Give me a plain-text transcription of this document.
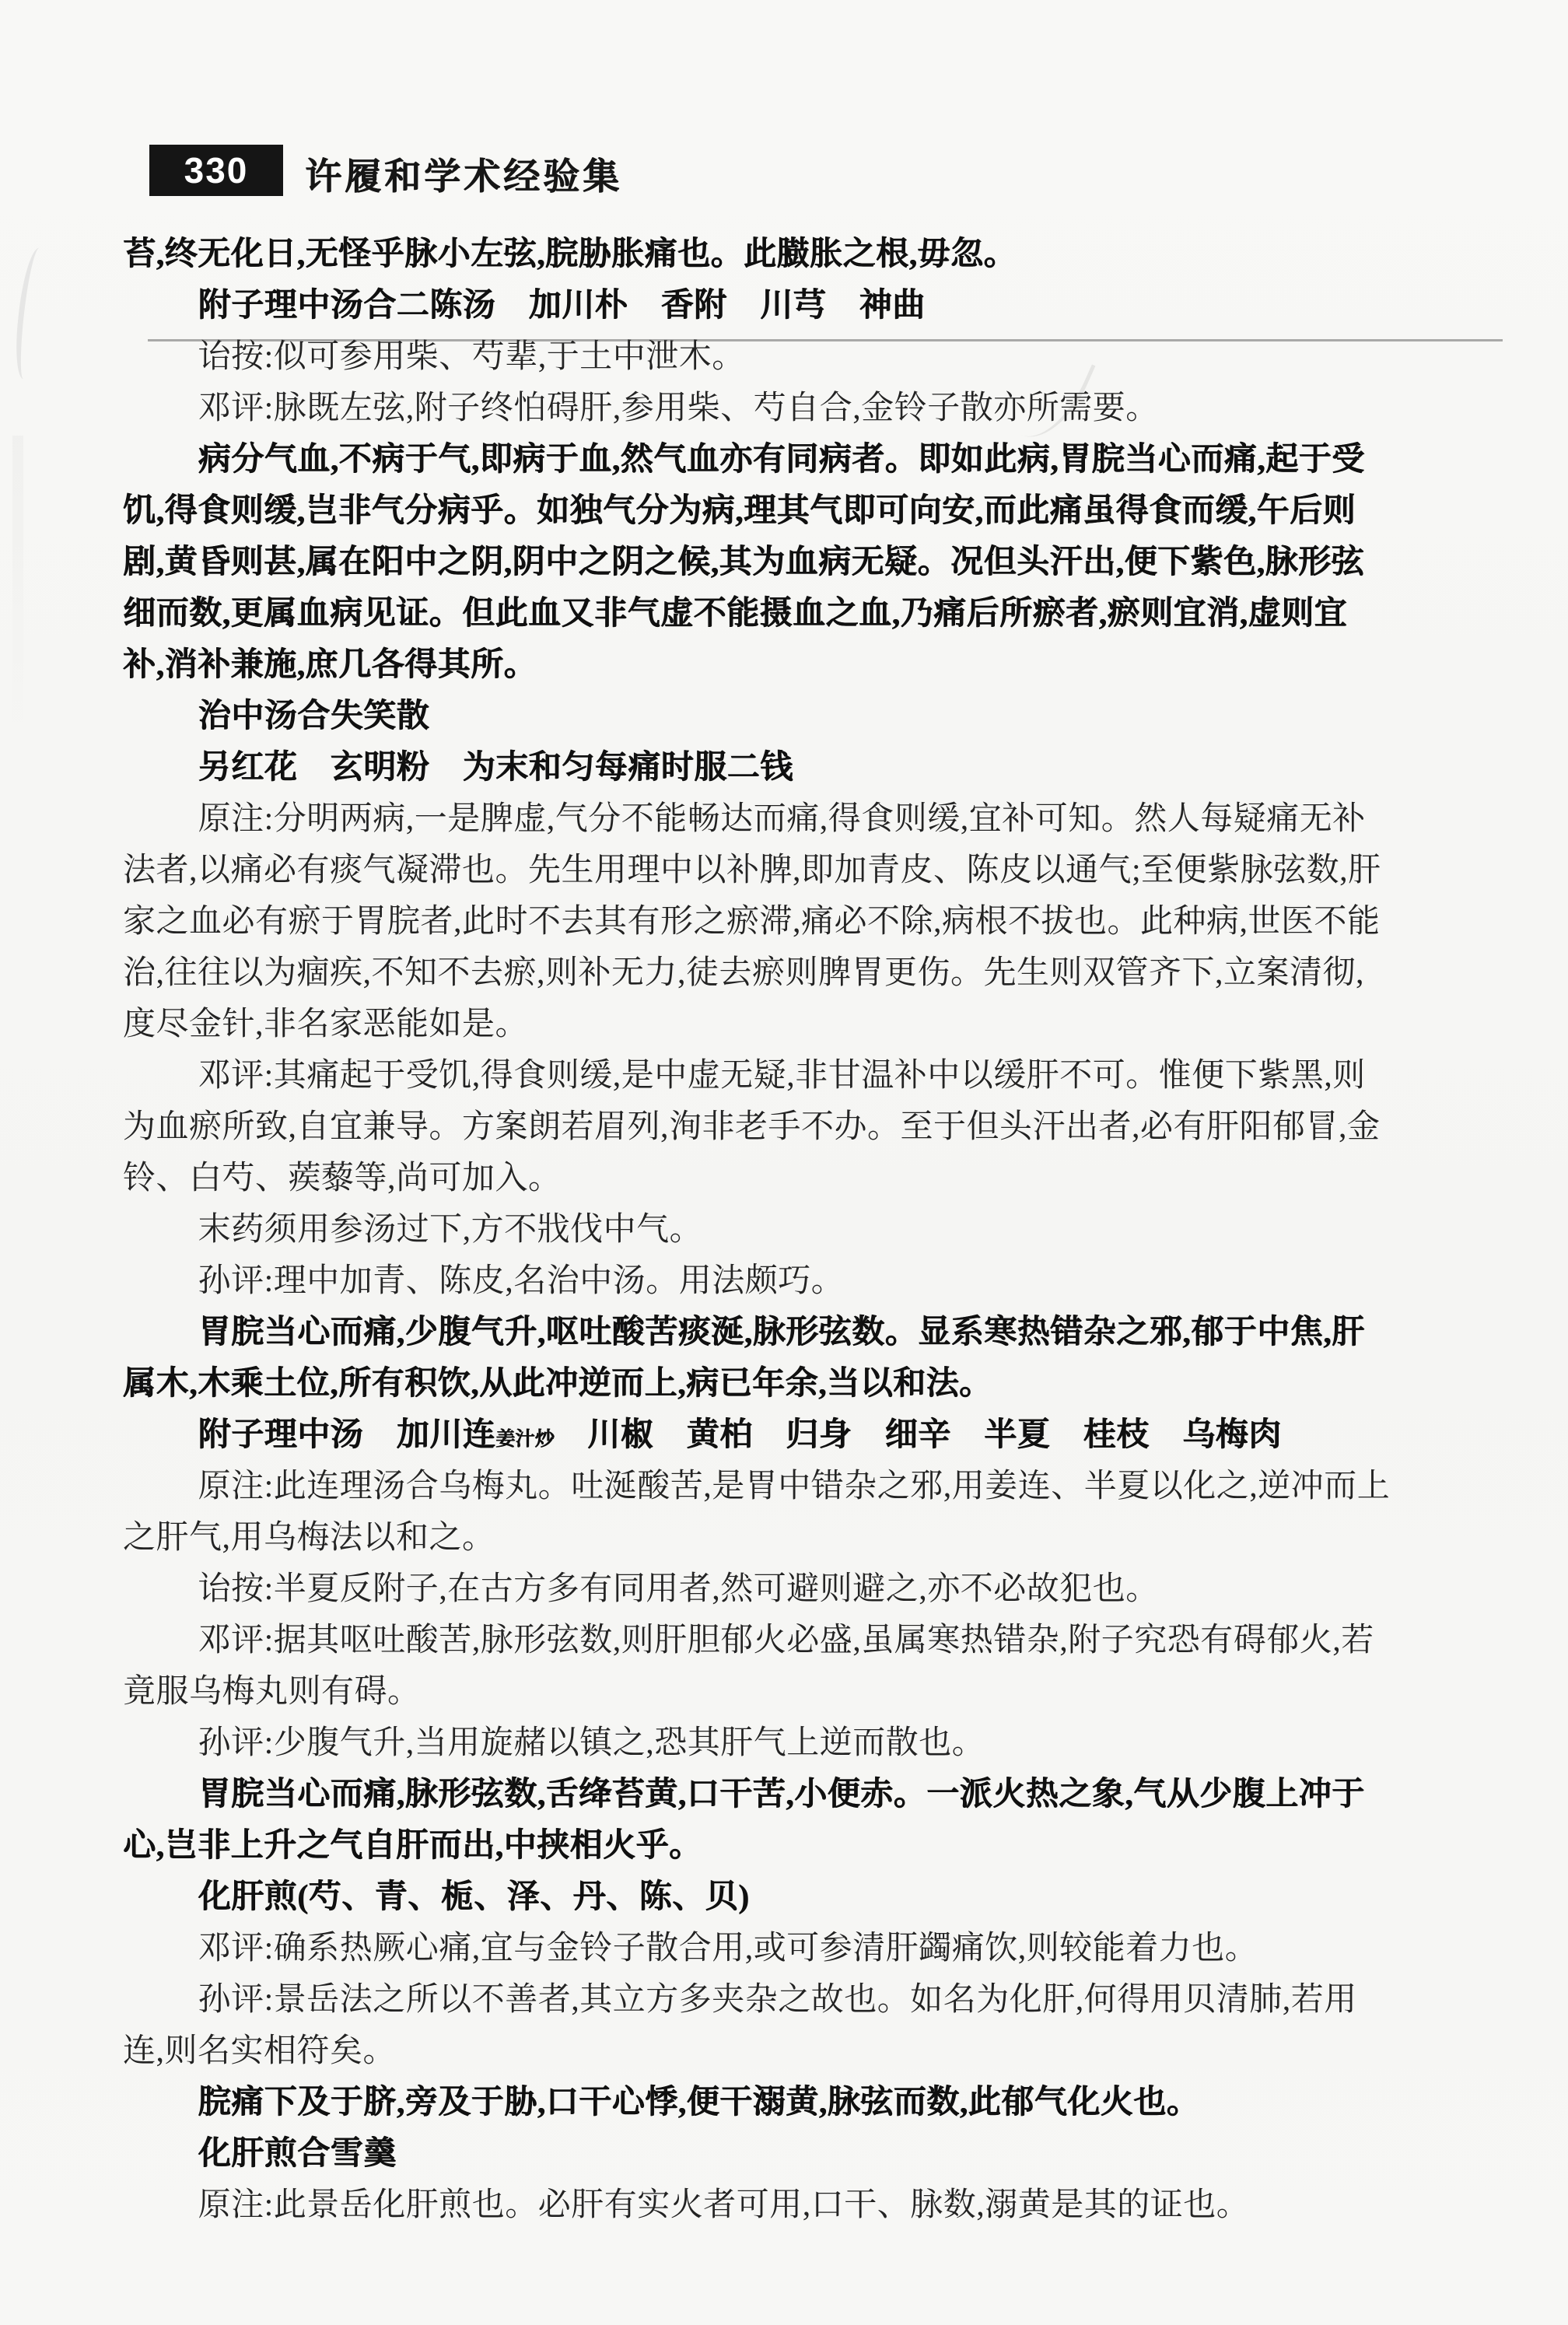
330 许履和学术经验集
苔,终无化日,无怪乎脉小左弦,脘胁胀痛也。此臌胀之根,毋忽。
附子理中汤合二陈汤　加川朴　香附　川芎　神曲
诒按:似可参用柴、芍辈,于土中泄木。
邓评:脉既左弦,附子终怕碍肝,参用柴、芍自合,金铃子散亦所需要。
病分气血,不病于气,即病于血,然气血亦有同病者。即如此病,胃脘当心而痛,起于受
饥,得食则缓,岂非气分病乎。如独气分为病,理其气即可向安,而此痛虽得食而缓,午后则
剧,黄昏则甚,属在阳中之阴,阴中之阴之候,其为血病无疑。况但头汗出,便下紫色,脉形弦
细而数,更属血病见证。但此血又非气虚不能摄血之血,乃痛后所瘀者,瘀则宜消,虚则宜
补,消补兼施,庶几各得其所。
治中汤合失笑散
另红花　玄明粉　为末和匀每痛时服二钱
原注:分明两病,一是脾虚,气分不能畅达而痛,得食则缓,宜补可知。然人每疑痛无补
法者,以痛必有痰气凝滞也。先生用理中以补脾,即加青皮、陈皮以通气;至便紫脉弦数,肝
家之血必有瘀于胃脘者,此时不去其有形之瘀滞,痛必不除,病根不拔也。此种病,世医不能
治,往往以为痼疾,不知不去瘀,则补无力,徒去瘀则脾胃更伤。先生则双管齐下,立案清彻,
度尽金针,非名家恶能如是。
邓评:其痛起于受饥,得食则缓,是中虚无疑,非甘温补中以缓肝不可。惟便下紫黑,则
为血瘀所致,自宜兼导。方案朗若眉列,洵非老手不办。至于但头汗出者,必有肝阳郁冒,金
铃、白芍、蒺藜等,尚可加入。
末药须用参汤过下,方不戕伐中气。
孙评:理中加青、陈皮,名治中汤。用法颇巧。
胃脘当心而痛,少腹气升,呕吐酸苦痰涎,脉形弦数。显系寒热错杂之邪,郁于中焦,肝
属木,木乘土位,所有积饮,从此冲逆而上,病已年余,当以和法。
附子理中汤　加川连姜汁炒　川椒　黄柏　归身　细辛　半夏　桂枝　乌梅肉
原注:此连理汤合乌梅丸。吐涎酸苦,是胃中错杂之邪,用姜连、半夏以化之,逆冲而上
之肝气,用乌梅法以和之。
诒按:半夏反附子,在古方多有同用者,然可避则避之,亦不必故犯也。
邓评:据其呕吐酸苦,脉形弦数,则肝胆郁火必盛,虽属寒热错杂,附子究恐有碍郁火,若
竟服乌梅丸则有碍。
孙评:少腹气升,当用旋赭以镇之,恐其肝气上逆而散也。
胃脘当心而痛,脉形弦数,舌绛苔黄,口干苦,小便赤。一派火热之象,气从少腹上冲于
心,岂非上升之气自肝而出,中挟相火乎。
化肝煎(芍、青、栀、泽、丹、陈、贝)
邓评:确系热厥心痛,宜与金铃子散合用,或可参清肝蠲痛饮,则较能着力也。
孙评:景岳法之所以不善者,其立方多夹杂之故也。如名为化肝,何得用贝清肺,若用
连,则名实相符矣。
脘痛下及于脐,旁及于胁,口干心悸,便干溺黄,脉弦而数,此郁气化火也。
化肝煎合雪羹
原注:此景岳化肝煎也。必肝有实火者可用,口干、脉数,溺黄是其的证也。
